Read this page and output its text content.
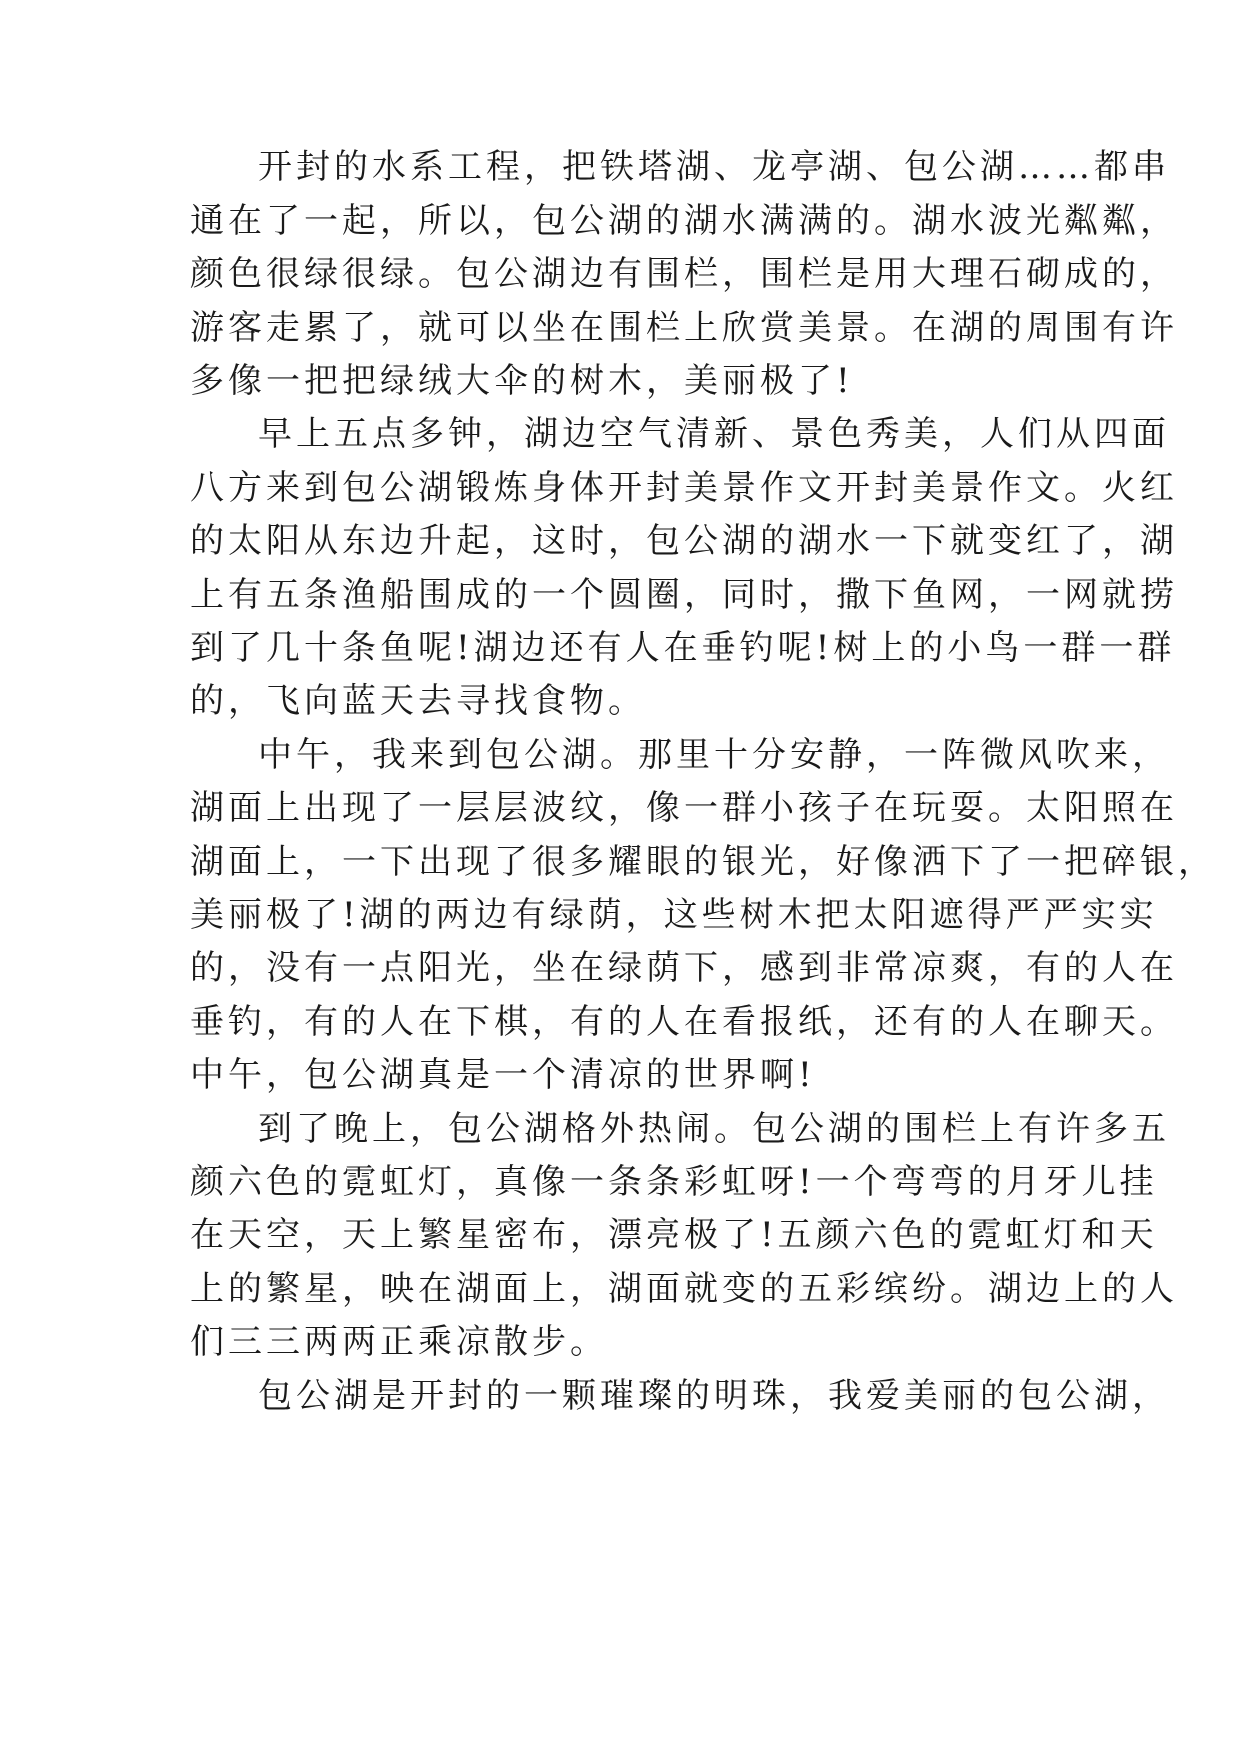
开封的水系工程，把铁塔湖、龙亭湖、包公湖……都串
通在了一起，所以，包公湖的湖水满满的。湖水波光粼粼，
颜色很绿很绿。包公湖边有围栏，围栏是用大理石砌成的，
游客走累了，就可以坐在围栏上欣赏美景。在湖的周围有许
多像一把把绿绒大伞的树木，美丽极了!
早上五点多钟，湖边空气清新、景色秀美，人们从四面
八方来到包公湖锻炼身体开封美景作文开封美景作文。火红
的太阳从东边升起，这时，包公湖的湖水一下就变红了，湖
上有五条渔船围成的一个圆圈，同时，撒下鱼网，一网就捞
到了几十条鱼呢!湖边还有人在垂钓呢!树上的小鸟一群一群
的，飞向蓝天去寻找食物。
中午，我来到包公湖。那里十分安静，一阵微风吹来，
湖面上出现了一层层波纹，像一群小孩子在玩耍。太阳照在
湖面上，一下出现了很多耀眼的银光，好像洒下了一把碎银，
美丽极了!湖的两边有绿荫，这些树木把太阳遮得严严实实
的，没有一点阳光，坐在绿荫下，感到非常凉爽，有的人在
垂钓，有的人在下棋，有的人在看报纸，还有的人在聊天。
中午，包公湖真是一个清凉的世界啊!
到了晚上，包公湖格外热闹。包公湖的围栏上有许多五
颜六色的霓虹灯，真像一条条彩虹呀!一个弯弯的月牙儿挂
在天空，天上繁星密布，漂亮极了!五颜六色的霓虹灯和天
上的繁星，映在湖面上，湖面就变的五彩缤纷。湖边上的人
们三三两两正乘凉散步。
包公湖是开封的一颗璀璨的明珠，我爱美丽的包公湖，
